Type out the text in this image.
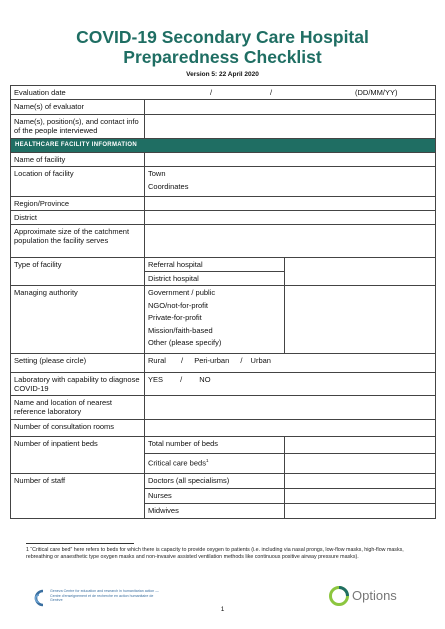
COVID-19 Secondary Care Hospital
Preparedness Checklist
Version 5: 22 April 2020
Evaluation date / / (DD/MM/YY)		

Name(s) of evaluator		
Name(s), position(s), and contact info of the people interviewed		
HEALTHCARE FACILITY INFORMATION		
Name of facility		
Location of facility	Town
Coordinates	

Region/Province		
District		
Approximate size of the catchment population the facility serves		
Type of facility	Referral hospital	
	District hospital	
Managing authority	Government / public
NGO/not-for-profit
Private-for-profit
Mission/faith-based
Other (please specify)	

Setting (please circle)	Rural / Peri-urban / Urban	
Laboratory with capability to diagnose COVID-19	YES / NO	
Name and location of nearest reference laboratory		
Number of consultation rooms		
Number of inpatient beds	Total number of beds	
	Critical care beds$^1$	
Number of staff	Doctors (all specialisms)	
	Nurses	
	Midwives	
1 “Critical care bed” here refers to beds for which there is capacity to provide oxygen to patients (i.e. including via nasal prongs, low-flow masks, high-flow masks, rebreathing or anaesthetic type oxygen masks and non-invasive assisted ventilation methods like continuous positive airway pressure masks).
Geneva Centre for education and research in humanitarian action — Centre d'enseignement et de recherche en action humanitaire de Genève	Options
1
